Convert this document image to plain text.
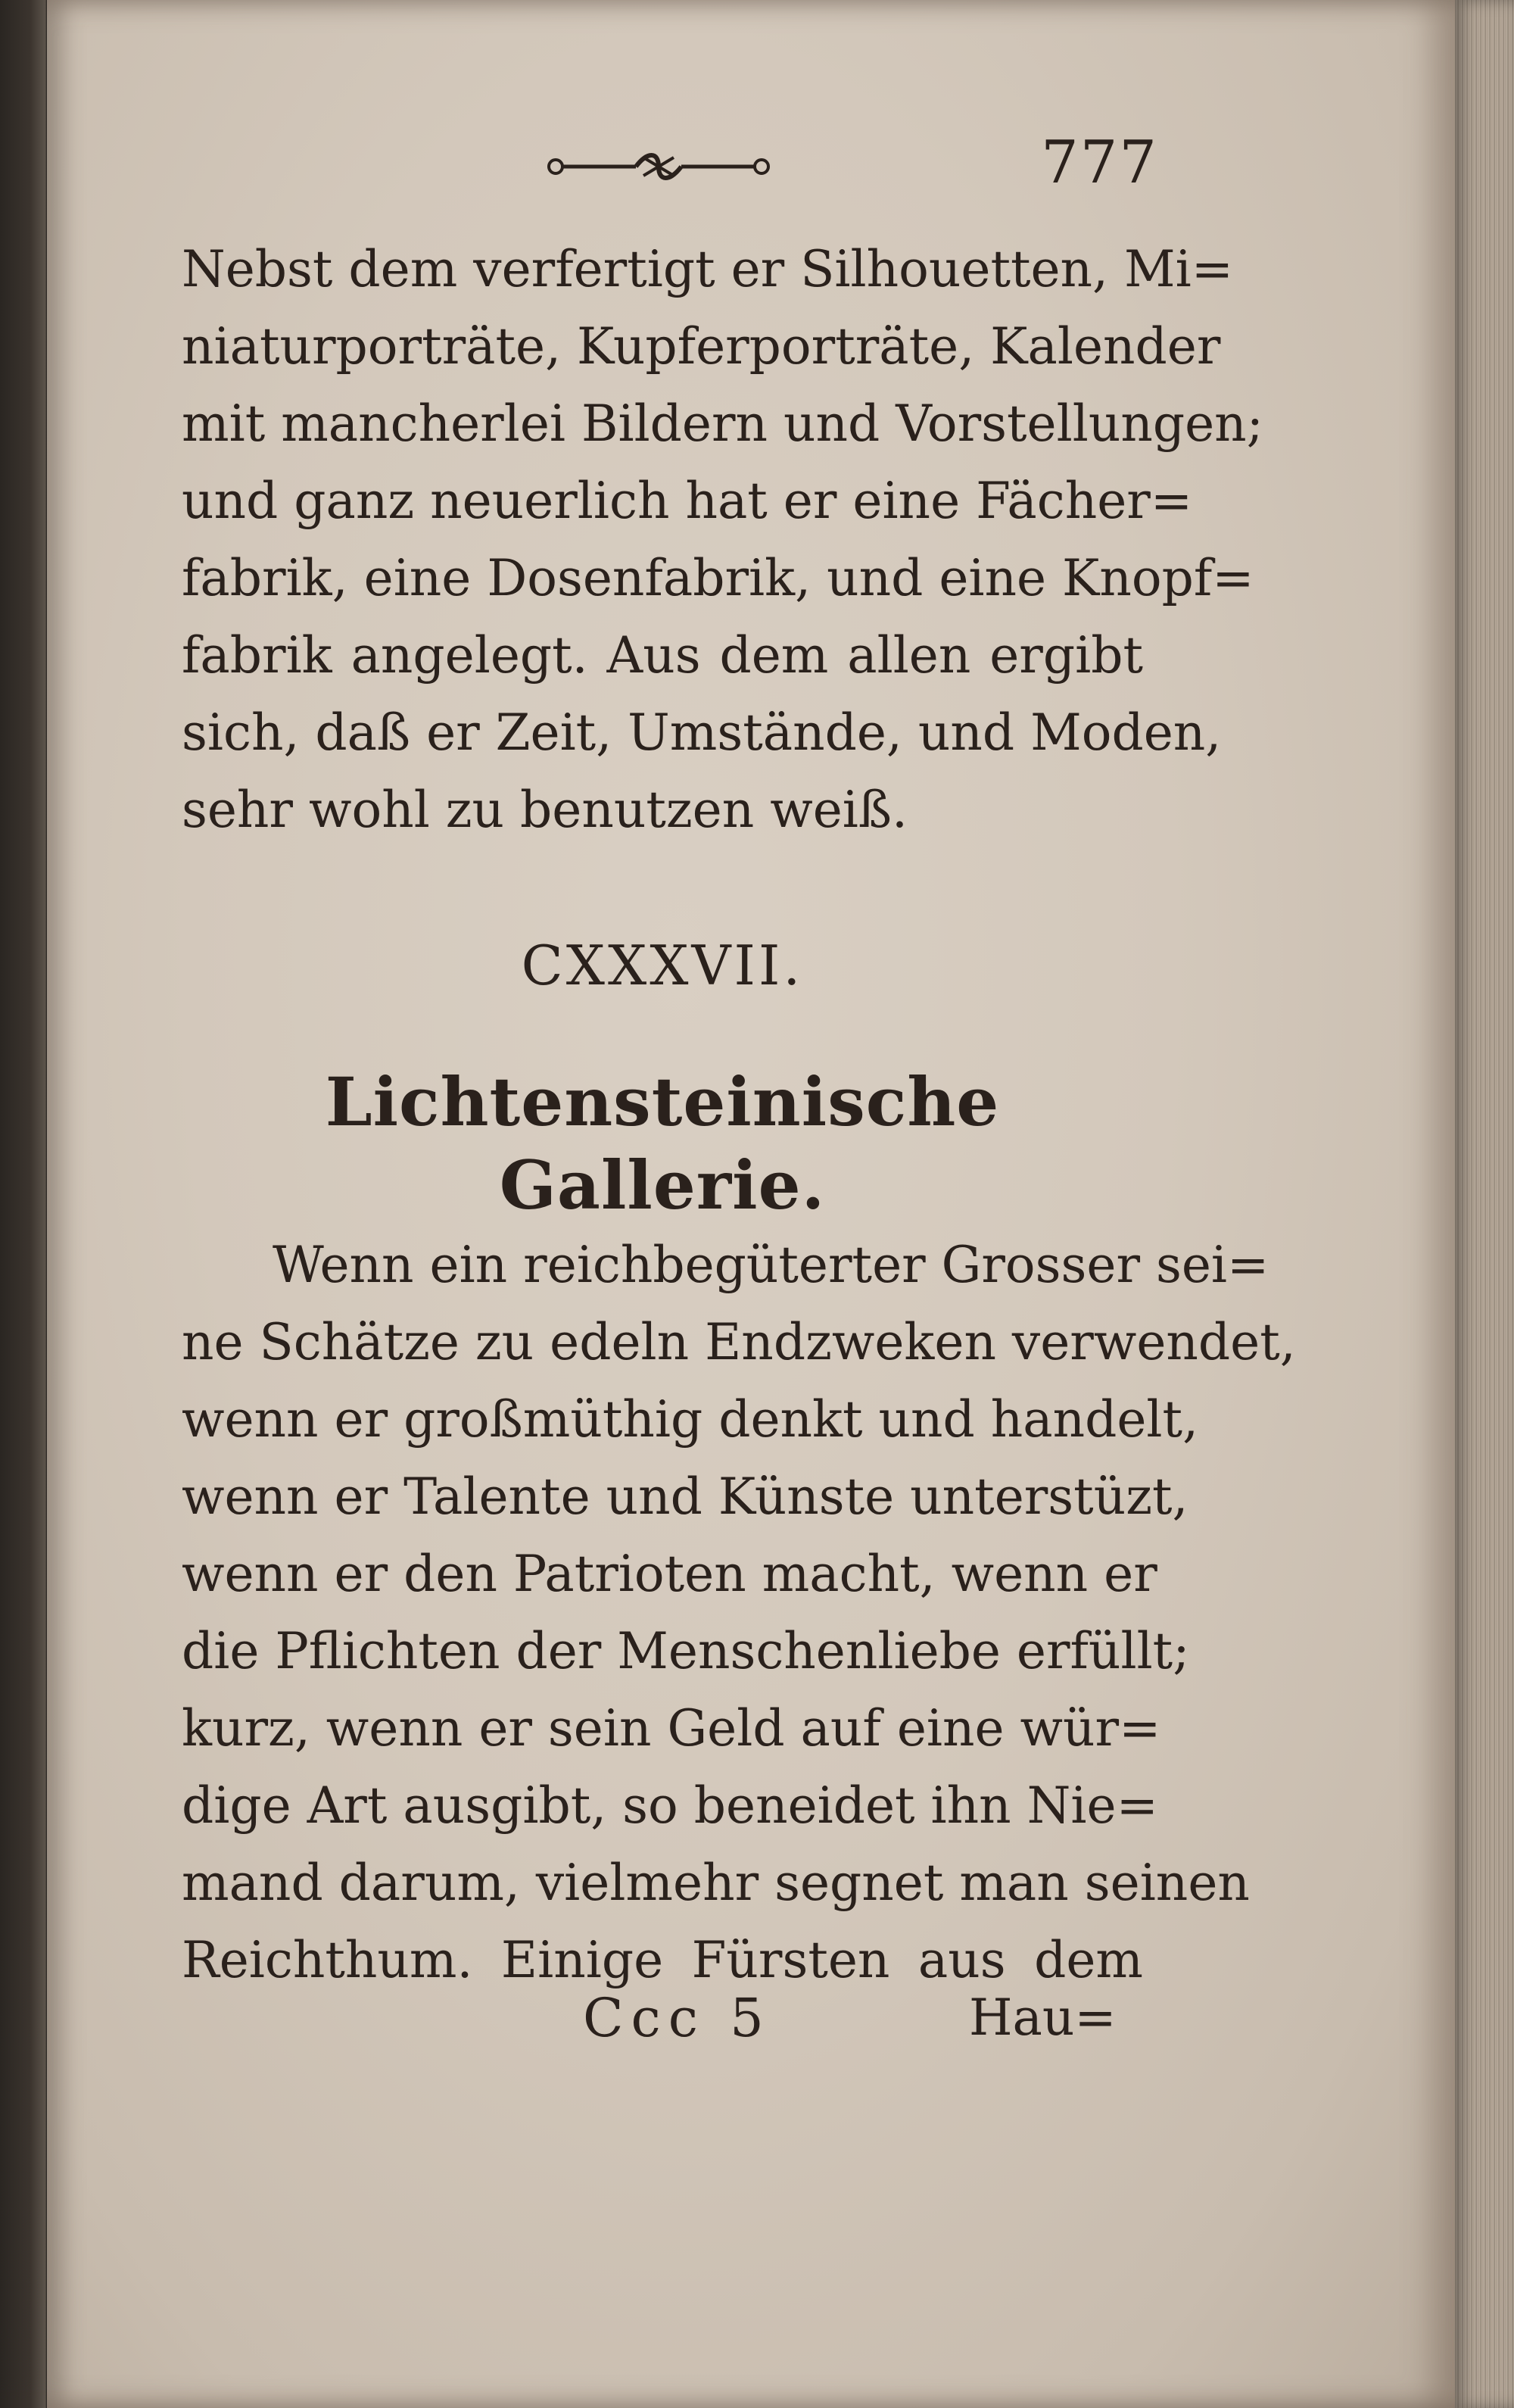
777
Nebst dem verfertigt er Silhouetten, Mi=
niaturporträte, Kupferporträte, Kalender
mit mancherlei Bildern und Vorstellungen;
und ganz neuerlich hat er eine Fächer=
fabrik, eine Dosenfabrik, und eine Knopf=
fabrik angelegt. Aus dem allen ergibt
sich, daß er Zeit, Umstände, und Moden,
sehr wohl zu benutzen weiß.
CXXXVII.
Lichtensteinische Gallerie.
Wenn ein reichbegüterter Grosser sei=
ne Schätze zu edeln Endzweken verwendet,
wenn er großmüthig denkt und handelt,
wenn er Talente und Künste unterstüzt,
wenn er den Patrioten macht, wenn er
die Pflichten der Menschenliebe erfüllt;
kurz, wenn er sein Geld auf eine wür=
dige Art ausgibt, so beneidet ihn Nie=
mand darum, vielmehr segnet man seinen
Reichthum. Einige Fürsten aus dem
Ccc 5	Hau=
